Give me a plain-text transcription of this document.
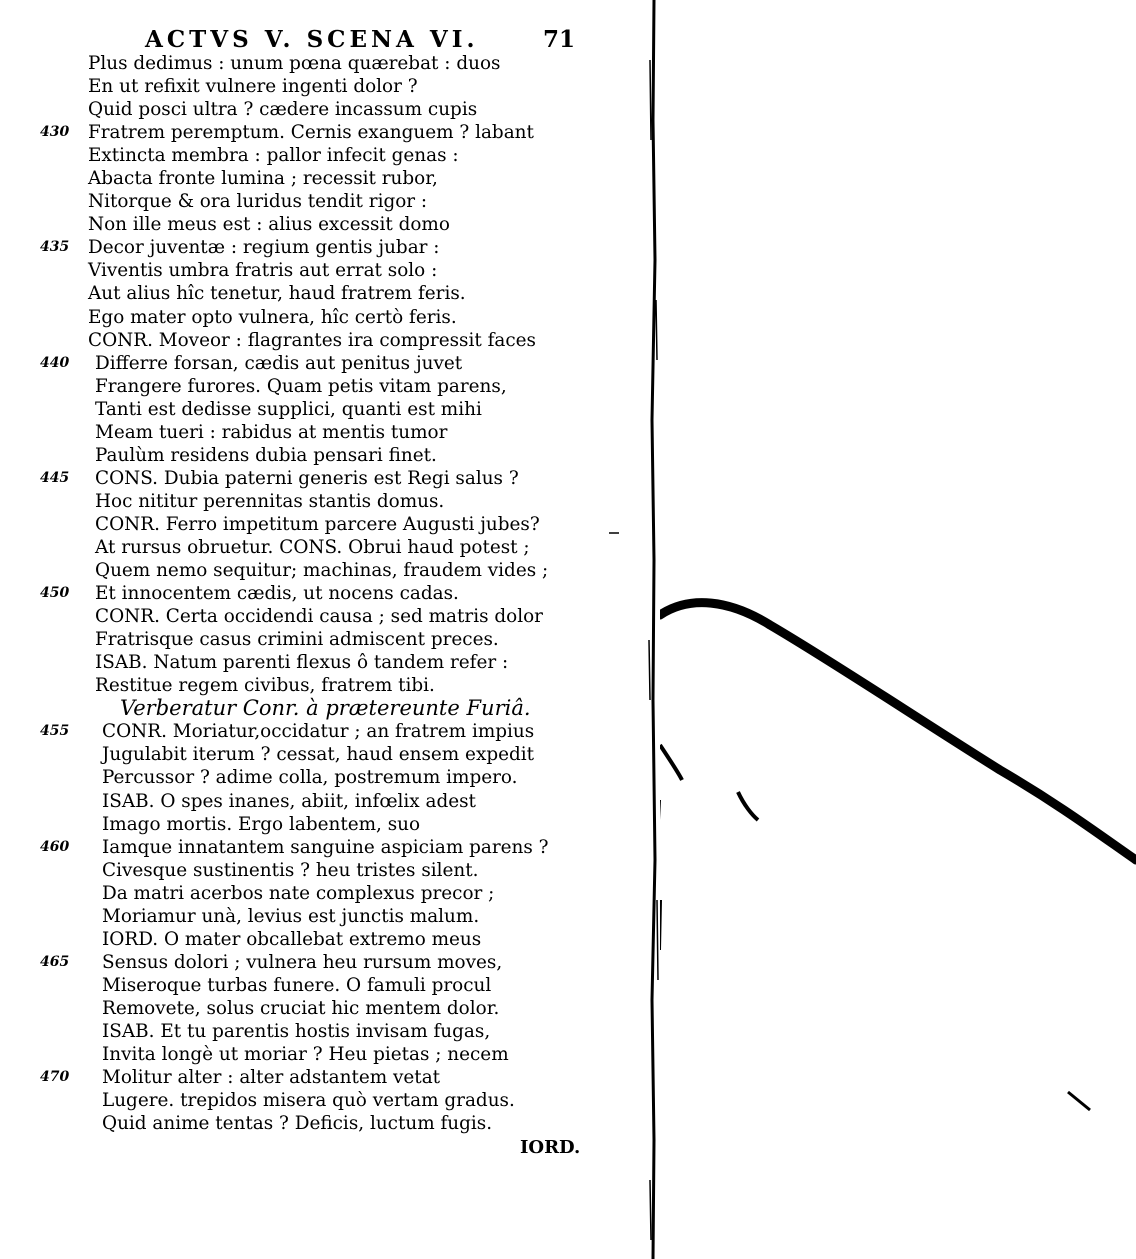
ACTVS V. SCENA VI.	71
Plus dedimus : unum pœna quærebat : duos
En ut refixit vulnere ingenti dolor ?
Quid posci ultra ? cædere incassum cupis
430	Fratrem peremptum. Cernis exanguem ? labant
Extincta membra : pallor infecit genas :
Abacta fronte lumina ; recessit rubor,
Nitorque & ora luridus tendit rigor :
Non ille meus est : alius excessit domo
435	Decor juventæ : regium gentis jubar :
Viventis umbra fratris aut errat solo :
Aut alius hîc tenetur, haud fratrem feris.
Ego mater opto vulnera, hîc certò feris.
CONR. Moveor : flagrantes ira compressit faces
440	Differre forsan, cædis aut penitus juvet
Frangere furores. Quam petis vitam parens,
Tanti est dedisse supplici, quanti est mihi
Meam tueri : rabidus at mentis tumor
Paulùm residens dubia pensari finet.
445	CONS. Dubia paterni generis est Regi salus ?
Hoc nititur perennitas stantis domus.
CONR. Ferro impetitum parcere Augusti jubes?
At rursus obruetur. CONS. Obrui haud potest ;
Quem nemo sequitur; machinas, fraudem vides ;
450	Et innocentem cædis, ut nocens cadas.
CONR. Certa occidendi causa ; sed matris dolor
Fratrisque casus crimini admiscent preces.
ISAB. Natum parenti flexus ô tandem refer :
Restitue regem civibus, fratrem tibi.
Verberatur Conr. à prætereunte Furiâ.
455	CONR. Moriatur,occidatur ; an fratrem impius
Jugulabit iterum ? cessat, haud ensem expedit
Percussor ? adime colla, postremum impero.
ISAB. O spes inanes, abiit, infœlix adest
Imago mortis. Ergo labentem, suo
460	Iamque innatantem sanguine aspiciam parens ?
Civesque sustinentis ? heu tristes silent.
Da matri acerbos nate complexus precor ;
Moriamur unà, levius est junctis malum.
IORD. O mater obcallebat extremo meus
465	Sensus dolori ; vulnera heu rursum moves,
Miseroque turbas funere. O famuli procul
Removete, solus cruciat hic mentem dolor.
ISAB. Et tu parentis hostis invisam fugas,
Invita longè ut moriar ? Heu pietas ; necem
470	Molitur alter : alter adstantem vetat
Lugere. trepidos misera quò vertam gradus.
Quid anime tentas ? Deficis, luctum fugis.
IORD.
